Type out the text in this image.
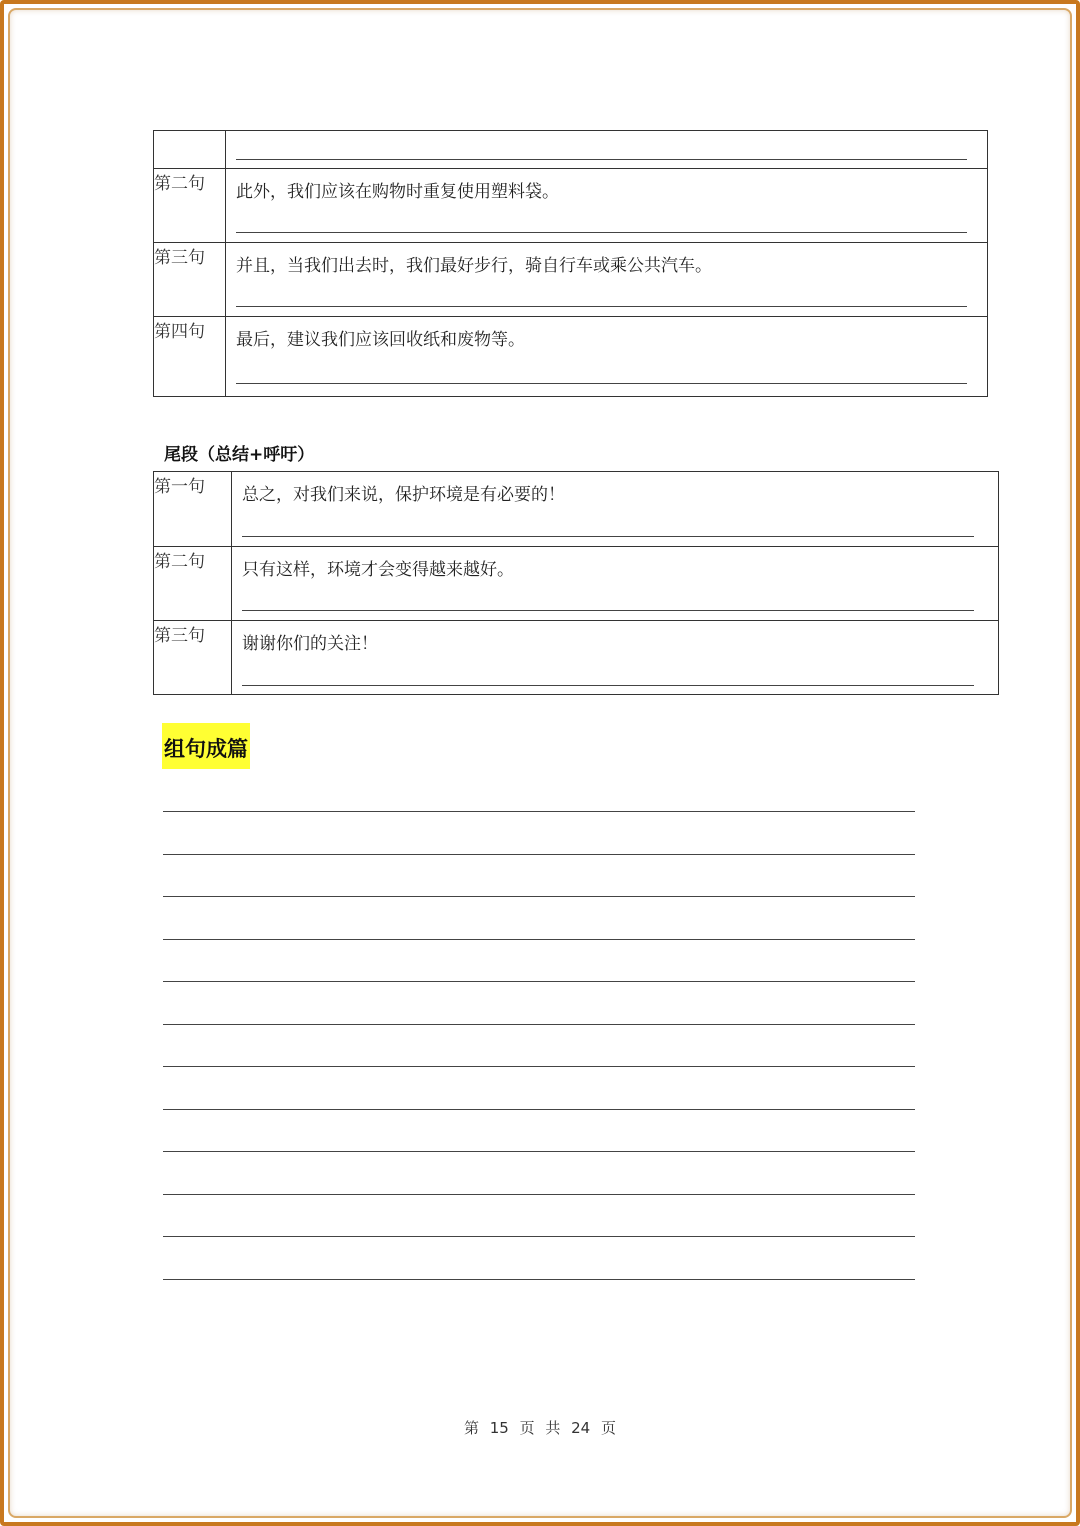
第二句	此外，我们应该在购物时重复使用塑料袋。

第三句	并且，当我们出去时，我们最好步行，骑自行车或乘公共汽车。

第四句	最后，建议我们应该回收纸和废物等。
尾段（总结+呼吁）
第一句	总之，对我们来说，保护环境是有必要的！

第二句	只有这样，环境才会变得越来越好。

第三句	谢谢你们的关注！
组句成篇
第 15 页 共 24 页
